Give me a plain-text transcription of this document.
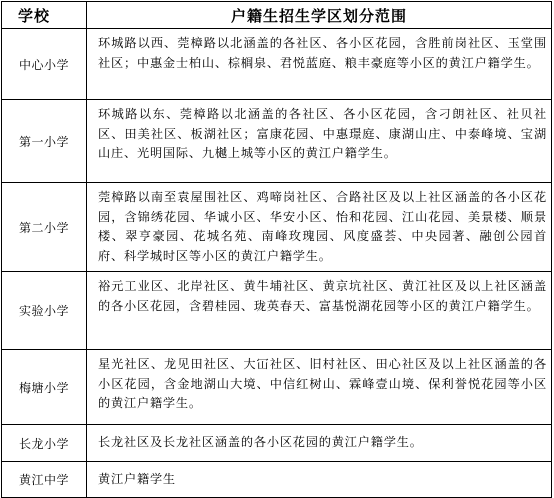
学校	户籍生招生学区划分范围
中心小学	环城路以西、莞樟路以北涵盖的各社区、各小区花园，含胜前岗社区、玉堂围社区；中惠金士柏山、棕榈泉、君悦蓝庭、粮丰豪庭等小区的黄江户籍学生。
第一小学	环城路以东、莞樟路以北涵盖的各社区、各小区花园，含刁朗社区、社贝社区、田美社区、板湖社区；富康花园、中惠璟庭、康湖山庄、中泰峰境、宝湖山庄、光明国际、九樾上城等小区的黄江户籍学生。
第二小学	莞樟路以南至袁屋围社区、鸡啼岗社区、合路社区及以上社区涵盖的各小区花园，含锦绣花园、华诚小区、华安小区、怡和花园、江山花园、美景楼、顺景楼、翠亨豪园、花城名苑、南峰玫瑰园、风度盛荟、中央园著、融创公园首府、科学城时区等小区的黄江户籍学生。
实验小学	裕元工业区、北岸社区、黄牛埔社区、黄京坑社区、黄江社区及以上社区涵盖的各小区花园，含碧桂园、珑英春天、富基悦湖花园等小区的黄江户籍学生。
梅塘小学	星光社区、龙见田社区、大冚社区、旧村社区、田心社区及以上社区涵盖的各小区花园，含金地湖山大境、中信红树山、霖峰壹山境、保利誉悦花园等小区的黄江户籍学生。
长龙小学	长龙社区及长龙社区涵盖的各小区花园的黄江户籍学生。
黄江中学	黄江户籍学生
